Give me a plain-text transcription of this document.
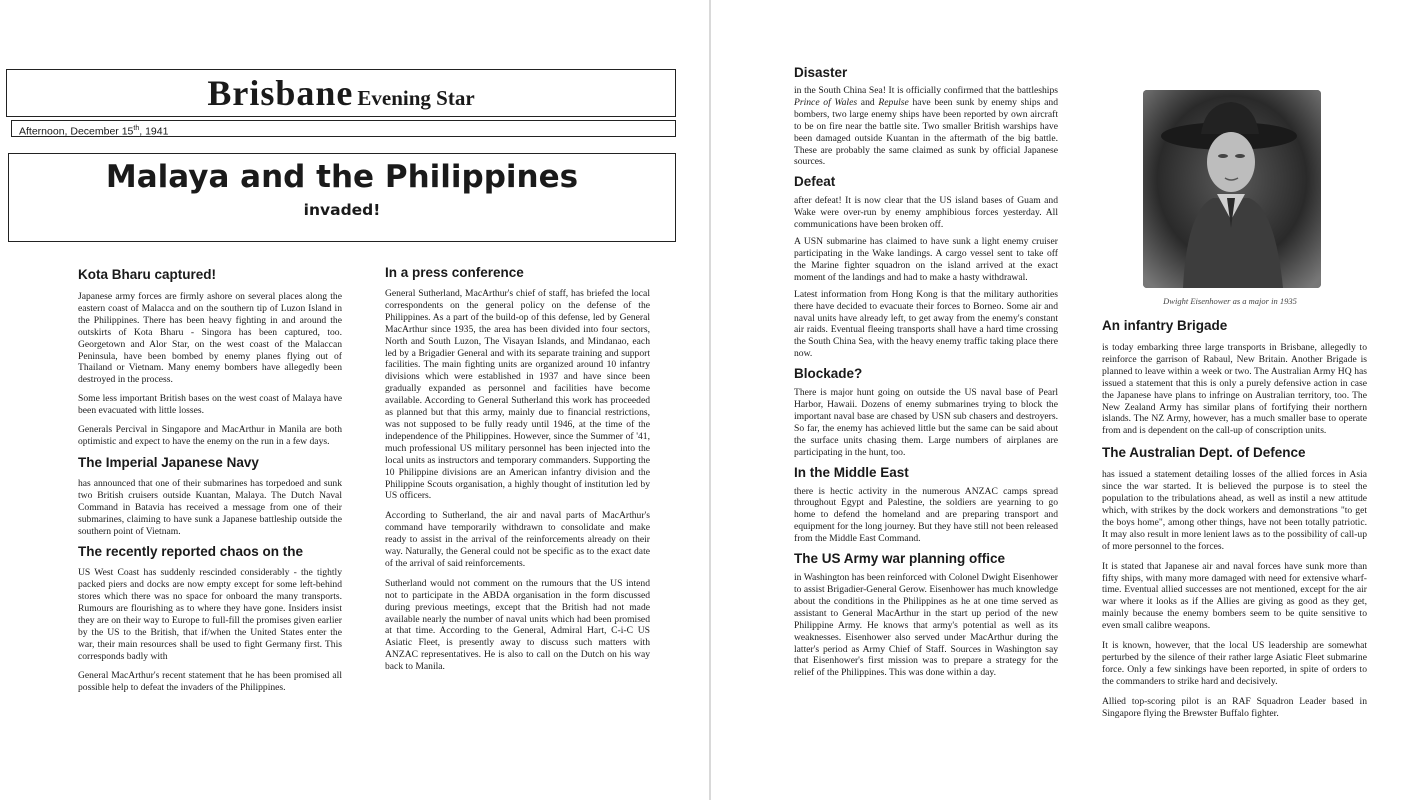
Brisbane Evening Star
Afternoon, December 15th, 1941
Malaya and the Philippines
invaded!
Kota Bharu captured!

Japanese army forces are firmly ashore on several places along the eastern coast of Malacca and on the southern tip of Luzon Island in the Philippines. There has been heavy fighting in and around the outskirts of Kota Bharu - Singora has been captured, too. Georgetown and Alor Star, on the west coast of the Malaccan Peninsula, have been bombed by enemy planes flying out of Thailand or Vietnam. Many enemy bombers have allegedly been destroyed in the process.

Some less important British bases on the west coast of Malaya have been evacuated with little losses.

Generals Percival in Singapore and MacArthur in Manila are both optimistic and expect to have the enemy on the run in a few days.

The Imperial Japanese Navy

has announced that one of their submarines has torpedoed and sunk two British cruisers outside Kuantan, Malaya. The Dutch Naval Command in Batavia has received a message from one of their submarines, claiming to have sunk a Japanese battleship outside the southern point of Vietnam.

The recently reported chaos on the

US West Coast has suddenly rescinded considerably - the tightly packed piers and docks are now empty except for some left-behind stores which there was no space for onboard the many transports. Rumours are flourishing as to where they have gone. Insiders insist they are on their way to Europe to full-fill the promises given earlier by the US to the British, that if/when the United States enter the war, their main resources shall be used to fight Germany first. This corresponds badly with

General MacArthur's recent statement that he has been promised all possible help to defeat the invaders of the Philippines.

In a press conference

General Sutherland, MacArthur's chief of staff, has briefed the local correspondents on the general policy on the defense of the Philippines. As a part of the build-op of this defense, led by General MacArthur since 1935, the area has been divided into four sectors, North and South Luzon, The Visayan Islands, and Mindanao, each led by a Brigadier General and with its separate training and support facilities. The main fighting units are organized around 10 infantry divisions which were established in 1937 and have since been gradually expanded as personnel and facilities have become available. According to General Sutherland this work has proceeded as planned but that this army, mainly due to financial restrictions, was not supposed to be fully ready until 1946, at the time of the independence of the Philippines. However, since the Summer of '41, much professional US military personnel has been injected into the local units as instructors and temporary commanders. Supporting the 10 Philippine divisions are an American infantry division and the Philippine Scouts organisation, a highly thought of institution led by US officers.

According to Sutherland, the air and naval parts of MacArthur's command have temporarily withdrawn to consolidate and make ready to assist in the arrival of the reinforcements already on their way. Naturally, the General could not be specific as to the exact date of the arrival of said reinforcements.

Sutherland would not comment on the rumours that the US intend not to participate in the ABDA organisation in the form discussed during previous meetings, except that the British had not made available nearly the number of naval units which had been promised at that time. According to the General, Admiral Hart, C-i-C US Asiatic Fleet, is presently away to discuss such matters with ANZAC representatives. He is also to call on the Dutch on his way back to Manila.

Disaster

in the South China Sea! It is officially confirmed that the battleships Prince of Wales and Repulse have been sunk by enemy ships and bombers, two large enemy ships have been reported by own aircraft to be on fire near the battle site. Two smaller British warships have been damaged outside Kuantan in the aftermath of the big battle. These are probably the same claimed as sunk by official Japanese sources.

Defeat

after defeat! It is now clear that the US island bases of Guam and Wake were over-run by enemy amphibious forces yesterday. All communications have been broken off.

A USN submarine has claimed to have sunk a light enemy cruiser participating in the Wake landings. A cargo vessel sent to take off the Marine fighter squadron on the island arrived at the exact moment of the landings and had to make a hasty withdrawal.

Latest information from Hong Kong is that the military authorities there have decided to evacuate their forces to Borneo. Some air and naval units have already left, to get away from the enemy's constant air raids. Eventual fleeing transports shall have a hard time crossing the South China Sea, with the heavy enemy traffic taking place there now.

Blockade?

There is major hunt going on outside the US naval base of Pearl Harbor, Hawaii. Dozens of enemy submarines trying to block the important naval base are chased by USN sub chasers and destroyers. So far, the enemy has achieved little but the same can be said about the surface units chasing them. Large numbers of airplanes are participating in the hunt, too.

In the Middle East

there is hectic activity in the numerous ANZAC camps spread throughout Egypt and Palestine, the soldiers are yearning to go home to defend the homeland and are preparing transport and equipment for the long journey. But they have still not been released from the Middle East Command.

The US Army war planning office

in Washington has been reinforced with Colonel Dwight Eisenhower to assist Brigadier-General Gerow. Eisenhower has much knowledge about the conditions in the Philippines as he at one time served as assistant to General MacArthur in the start up period of the new Philippine Army. He knows that army's potential as well as its weaknesses. Eisenhower also served under MacArthur during the latter's period as Army Chief of Staff. Sources in Washington say that Eisenhower's first mission was to prepare a strategy for the relief of the Philippines. This was done within a day.

Dwight Eisenhower as a major in 1935
An infantry Brigade

is today embarking three large transports in Brisbane, allegedly to reinforce the garrison of Rabaul, New Britain. Another Brigade is planned to leave within a week or two. The Australian Army HQ has issued a statement that this is only a purely defensive action in case the Japanese have plans to infringe on Australian territory, too. The New Zealand Army has similar plans of fortifying their northern islands. The NZ Army, however, has a much smaller base to operate from and is dependent on the call-up of conscription units.

The Australian Dept. of Defence

has issued a statement detailing losses of the allied forces in Asia since the war started. It is believed the purpose is to steel the population to the tribulations ahead, as well as instil a new attitude which, with strikes by the dock workers and demonstrations "to get the boys home", among other things, have not been totally patriotic. It may also result in more lenient laws as to the possibility of call-up of more personnel to the forces.

It is stated that Japanese air and naval forces have sunk more than fifty ships, with many more damaged with need for extensive wharf-time. Eventual allied successes are not mentioned, except for the air war where it looks as if the Allies are giving as good as they get, mainly because the enemy bombers seem to be quite sensitive to even small calibre weapons.

It is known, however, that the local US leadership are somewhat perturbed by the silence of their rather large Asiatic Fleet submarine force. Only a few sinkings have been reported, in spite of orders to the commanders to strike hard and decisively.

Allied top-scoring pilot is an RAF Squadron Leader based in Singapore flying the Brewster Buffalo fighter.
